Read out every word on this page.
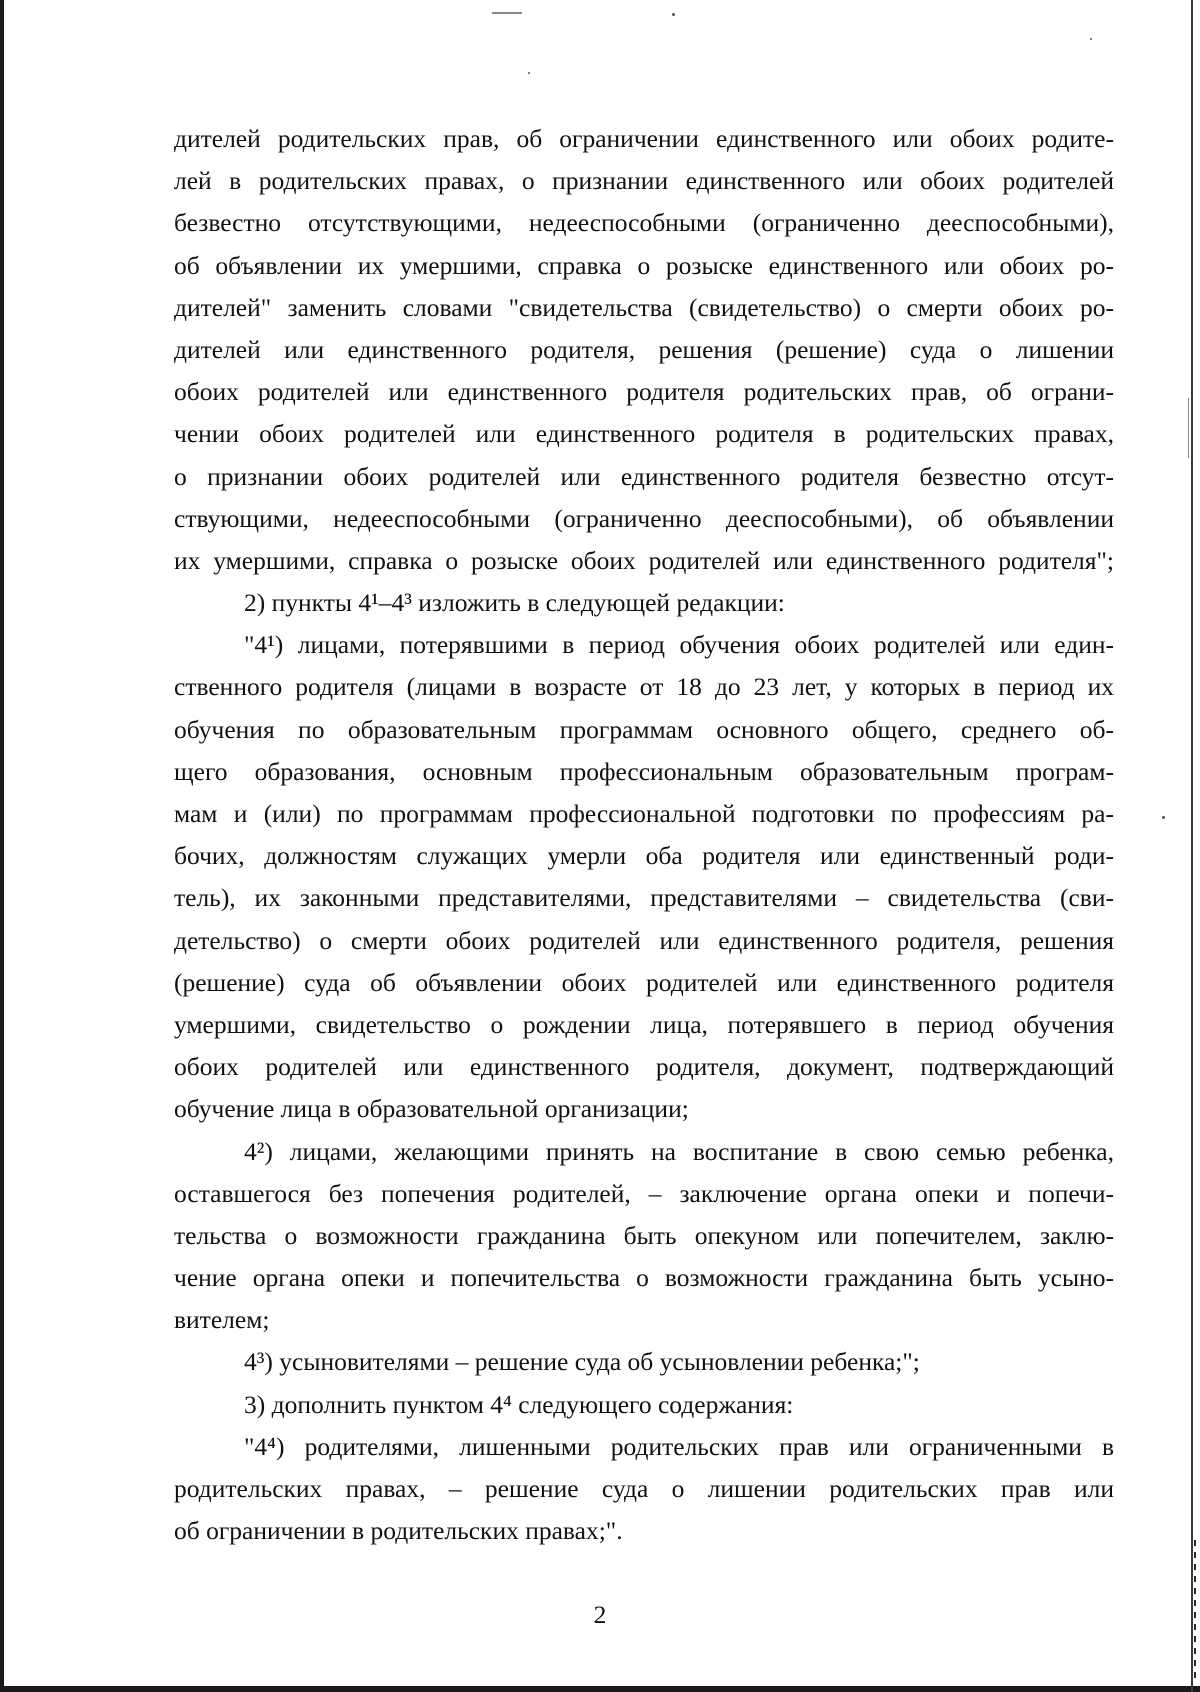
дителей родительских прав, об ограничении единственного или обоих родите-
лей в родительских правах, о признании единственного или обоих родителей
безвестно отсутствующими, недееспособными (ограниченно дееспособными),
об объявлении их умершими, справка о розыске единственного или обоих ро-
дителей" заменить словами "свидетельства (свидетельство) о смерти обоих ро-
дителей или единственного родителя, решения (решение) суда о лишении
обоих родителей или единственного родителя родительских прав, об ограни-
чении обоих родителей или единственного родителя в родительских правах,
о признании обоих родителей или единственного родителя безвестно отсут-
ствующими, недееспособными (ограниченно дееспособными), об объявлении
их умершими, справка о розыске обоих родителей или единственного родителя";
2) пункты 4¹–4³ изложить в следующей редакции:
"4¹) лицами, потерявшими в период обучения обоих родителей или един-
ственного родителя (лицами в возрасте от 18 до 23 лет, у которых в период их
обучения по образовательным программам основного общего, среднего об-
щего образования, основным профессиональным образовательным програм-
мам и (или) по программам профессиональной подготовки по профессиям ра-
бочих, должностям служащих умерли оба родителя или единственный роди-
тель), их законными представителями, представителями – свидетельства (сви-
детельство) о смерти обоих родителей или единственного родителя, решения
(решение) суда об объявлении обоих родителей или единственного родителя
умершими, свидетельство о рождении лица, потерявшего в период обучения
обоих родителей или единственного родителя, документ, подтверждающий
обучение лица в образовательной организации;
4²) лицами, желающими принять на воспитание в свою семью ребенка,
оставшегося без попечения родителей, – заключение органа опеки и попечи-
тельства о возможности гражданина быть опекуном или попечителем, заклю-
чение органа опеки и попечительства о возможности гражданина быть усыно-
вителем;
4³) усыновителями – решение суда об усыновлении ребенка;";
3) дополнить пунктом 4⁴ следующего содержания:
"4⁴) родителями, лишенными родительских прав или ограниченными в
родительских правах, – решение суда о лишении родительских прав или
об ограничении в родительских правах;".
2
